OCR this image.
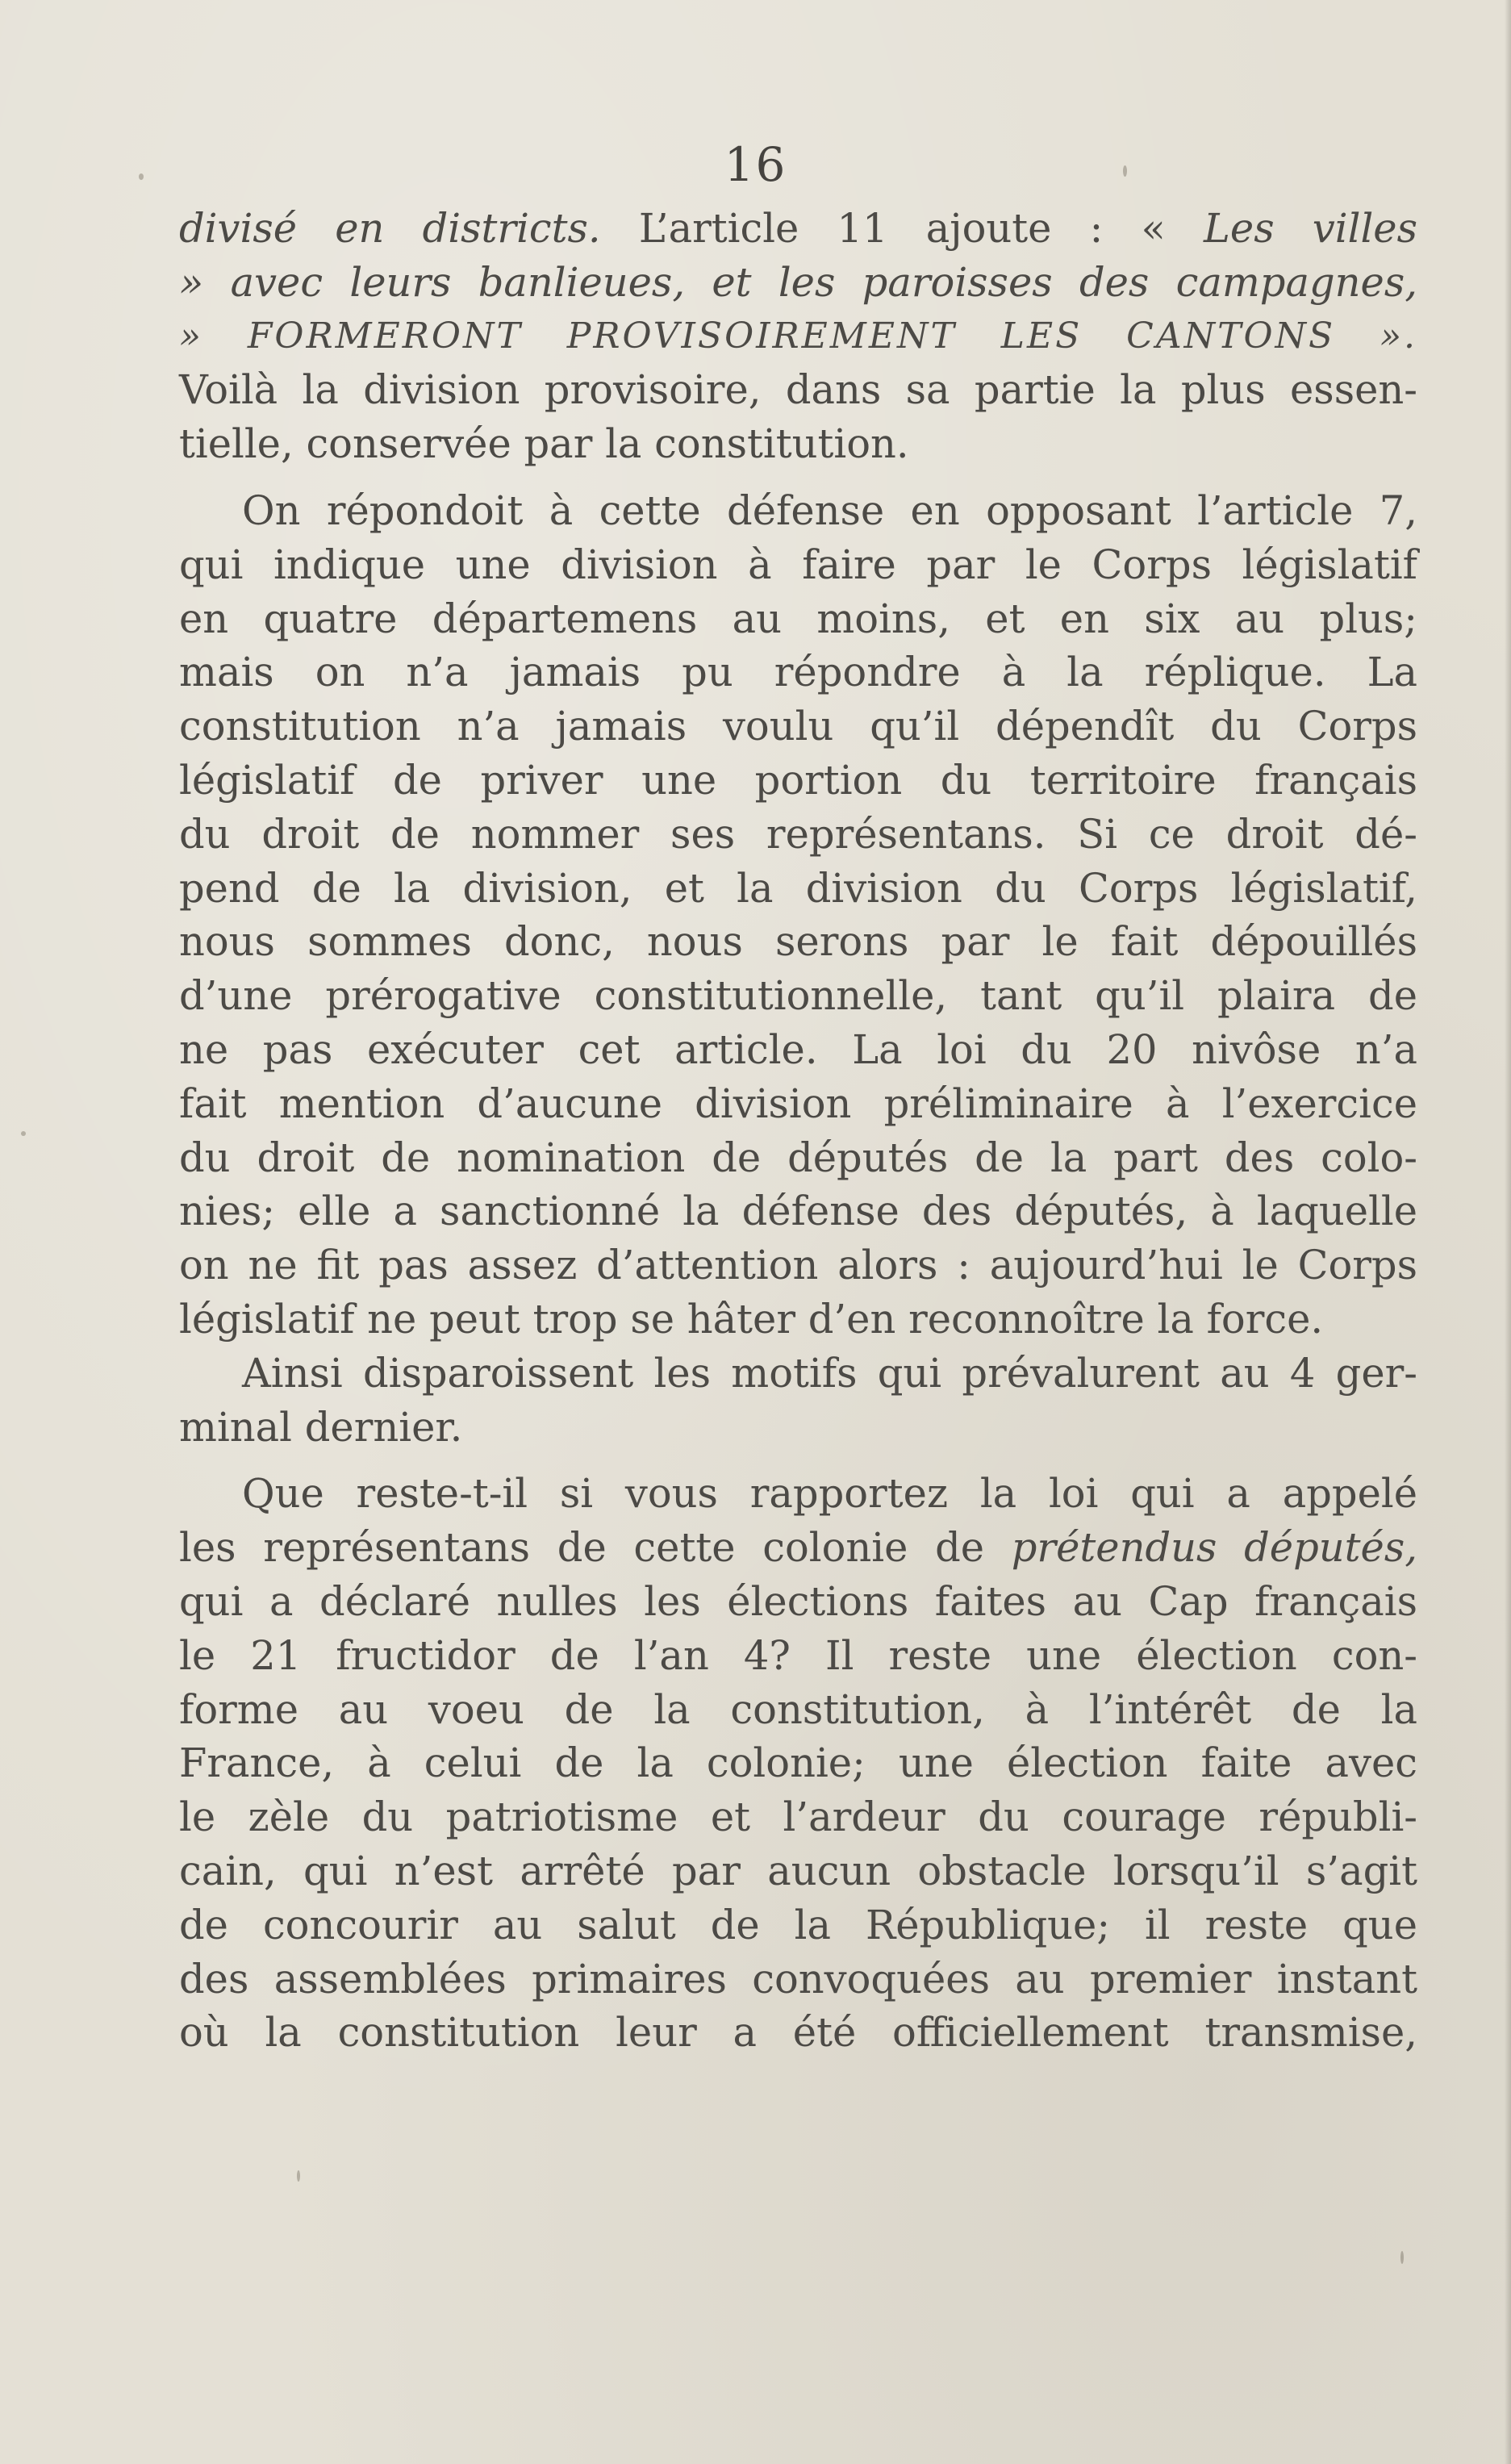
16

divisé en districts. L’article 11 ajoute : « Les villes
» avec leurs banlieues, et les paroisses des campagnes,
» FORMERONT PROVISOIREMENT LES CANTONS ».
Voilà la division provisoire, dans sa partie la plus essen-
tielle, conservée par la constitution.

On répondoit à cette défense en opposant l’article 7,
qui indique une division à faire par le Corps législatif
en quatre départemens au moins, et en six au plus;
mais on n’a jamais pu répondre à la réplique. La
constitution n’a jamais voulu qu’il dépendît du Corps
législatif de priver une portion du territoire français
du droit de nommer ses représentans. Si ce droit dé-
pend de la division, et la division du Corps législatif,
nous sommes donc, nous serons par le fait dépouillés
d’une prérogative constitutionnelle, tant qu’il plaira de
ne pas exécuter cet article. La loi du 20 nivôse n’a
fait mention d’aucune division préliminaire à l’exercice
du droit de nomination de députés de la part des colo-
nies; elle a sanctionné la défense des députés, à laquelle
on ne fit pas assez d’attention alors : aujourd’hui le Corps
législatif ne peut trop se hâter d’en reconnoître la force.

Ainsi disparoissent les motifs qui prévalurent au 4 ger-
minal dernier.

Que reste-t-il si vous rapportez la loi qui a appelé
les représentans de cette colonie de prétendus députés,
qui a déclaré nulles les élections faites au Cap français
le 21 fructidor de l’an 4? Il reste une élection con-
forme au voeu de la constitution, à l’intérêt de la
France, à celui de la colonie; une élection faite avec
le zèle du patriotisme et l’ardeur du courage républi-
cain, qui n’est arrêté par aucun obstacle lorsqu’il s’agit
de concourir au salut de la République; il reste que
des assemblées primaires convoquées au premier instant
où la constitution leur a été officiellement transmise,
